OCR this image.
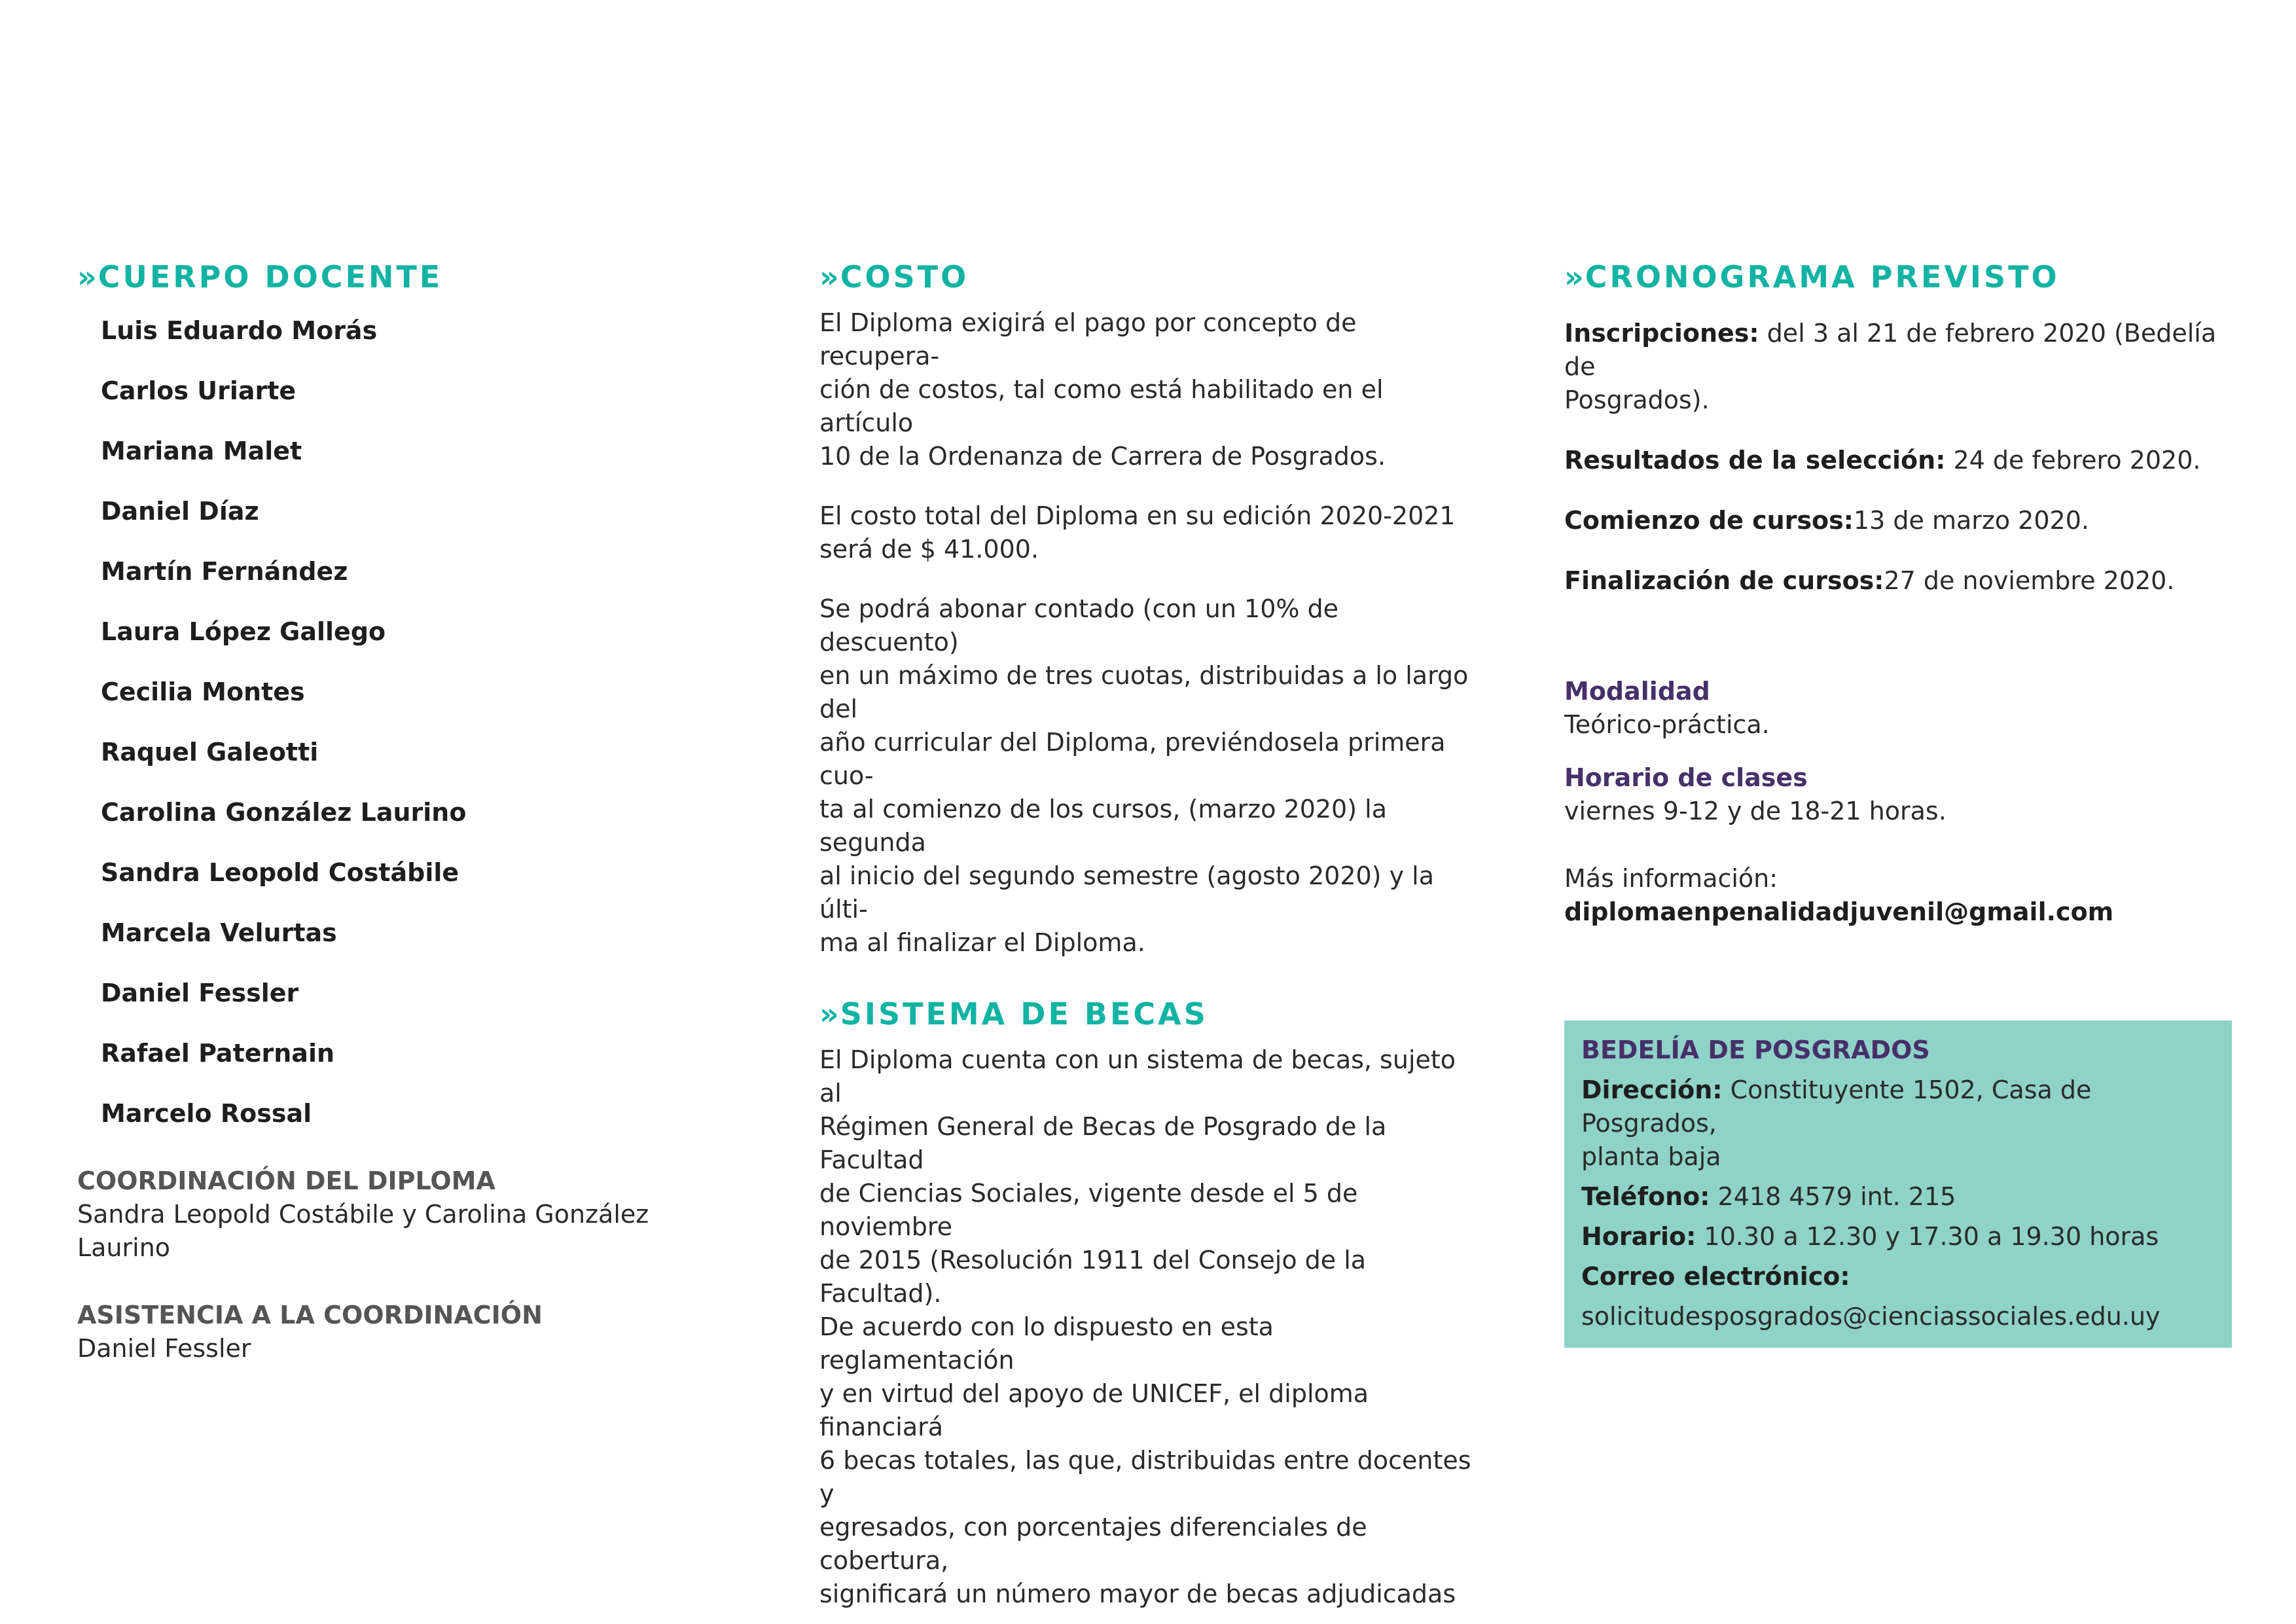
»CUERPO DOCENTE
Luis Eduardo Morás
Carlos Uriarte
Mariana Malet
Daniel Díaz
Martín Fernández
Laura López Gallego
Cecilia Montes
Raquel Galeotti
Carolina González Laurino
Sandra Leopold Costábile
Marcela Velurtas
Daniel Fessler
Rafael Paternain
Marcelo Rossal

COORDINACIÓN DEL DIPLOMA

Sandra Leopold Costábile y Carolina González Laurino

ASISTENCIA A LA COORDINACIÓN

Daniel Fessler

»COSTO

El Diploma exigirá el pago por concepto de recupera-
ción de costos, tal como está habilitado en el artículo
10 de la Ordenanza de Carrera de Posgrados.

El costo total del Diploma en su edición 2020-2021
será de $ 41.000.

Se podrá abonar contado (con un 10% de descuento)
en un máximo de tres cuotas, distribuidas a lo largo del
año curricular del Diploma, previéndosela primera cuo-
ta al comienzo de los cursos, (marzo 2020) la segunda
al inicio del segundo semestre (agosto 2020) y la últi-
ma al finalizar el Diploma.

»SISTEMA DE BECAS

El Diploma cuenta con un sistema de becas, sujeto al
Régimen General de Becas de Posgrado de la Facultad
de Ciencias Sociales, vigente desde el 5 de noviembre
de 2015 (Resolución 1911 del Consejo de la Facultad).
De acuerdo con lo dispuesto en esta reglamentación
y en virtud del apoyo de UNICEF, el diploma financiará
6 becas totales, las que, distribuidas entre docentes y
egresados, con porcentajes diferenciales de cobertura,
significará un número mayor de becas adjudicadas

»CRONOGRAMA PREVISTO

Inscripciones: del 3 al 21 de febrero 2020 (Bedelía de
Posgrados).

Resultados de la selección: 24 de febrero 2020.

Comienzo de cursos:13 de marzo 2020.

Finalización de cursos:27 de noviembre 2020.

Modalidad

Teórico-práctica.

Horario de clases

viernes 9-12 y de 18-21 horas.

Más información: diplomaenpenalidadjuvenil@gmail.com

BEDELÍA DE POSGRADOS

Dirección: Constituyente 1502, Casa de Posgrados,
planta baja

Teléfono: 2418 4579 int. 215

Horario: 10.30 a 12.30 y 17.30 a 19.30 horas

Correo electrónico:

solicitudesposgrados@cienciassociales.edu.uy
